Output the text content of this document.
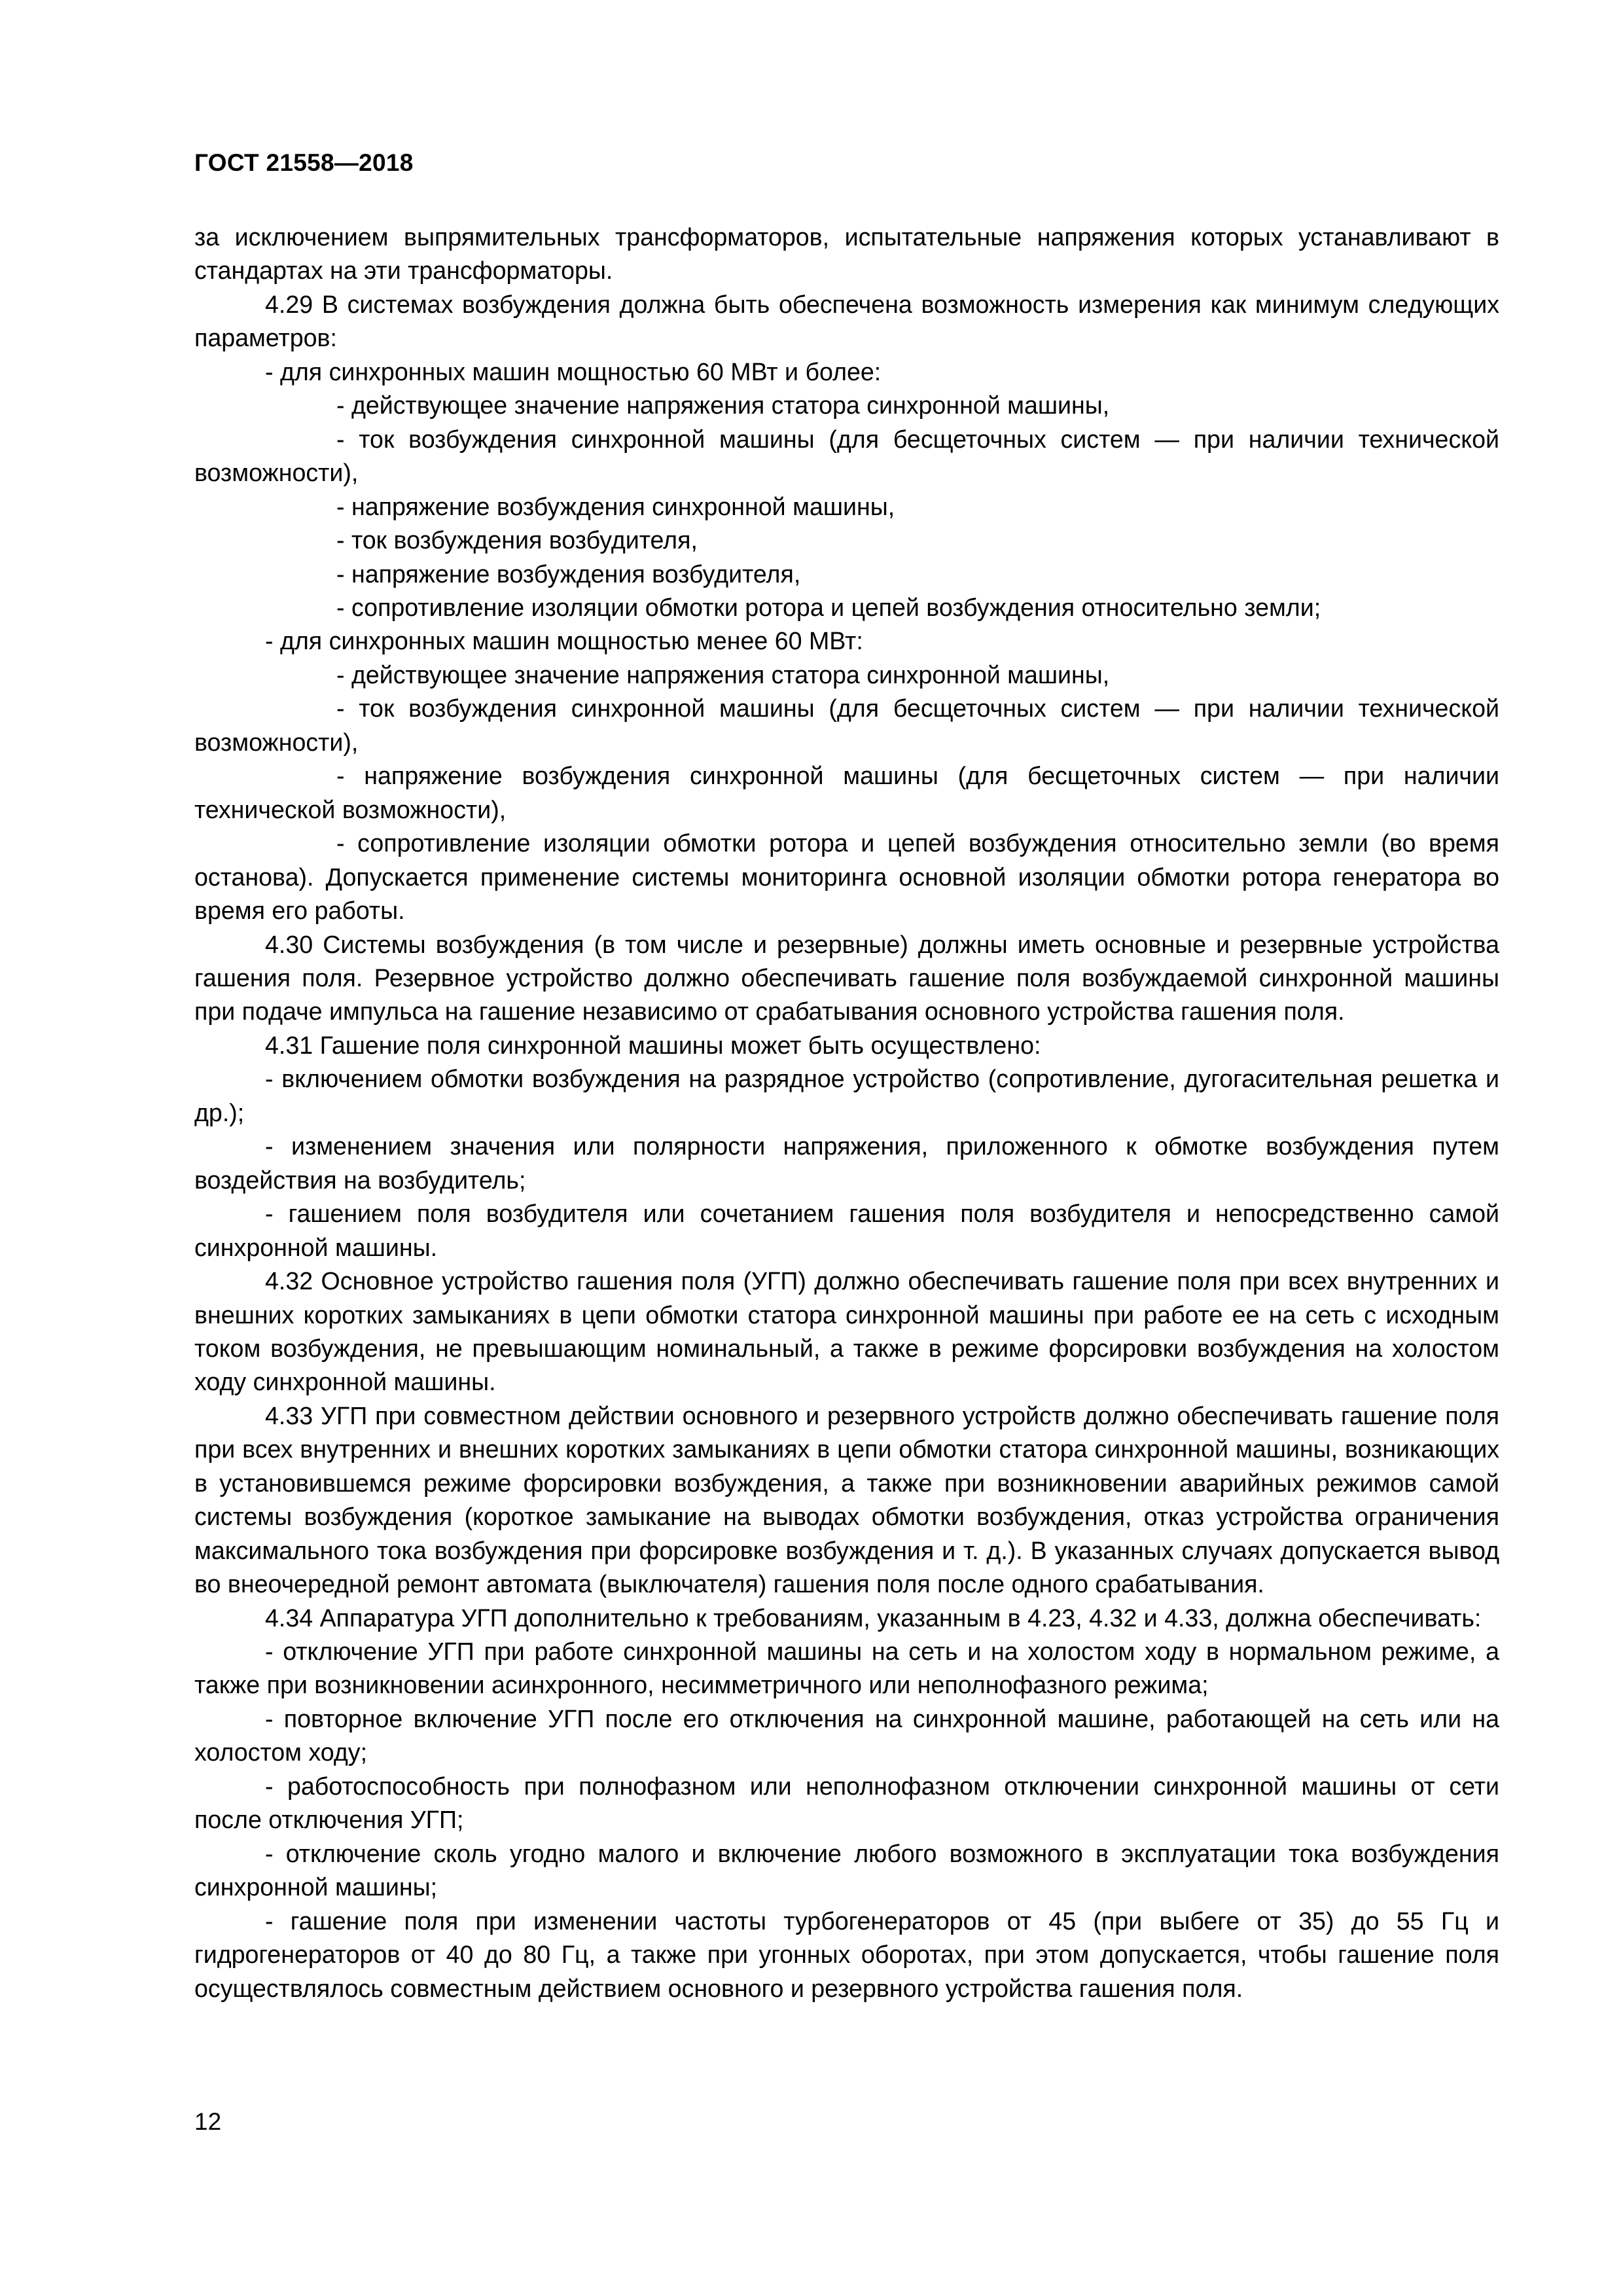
ГОСТ 21558—2018

за исключением выпрямительных трансформаторов, испытательные напряжения которых устанавливают в стандартах на эти трансформаторы.

4.29 В системах возбуждения должна быть обеспечена возможность измерения как минимум следующих параметров:

- для синхронных машин мощностью 60 МВт и более:

- действующее значение напряжения статора синхронной машины,

- ток возбуждения синхронной машины (для бесщеточных систем — при наличии технической возможности),

- напряжение возбуждения синхронной машины,

- ток возбуждения возбудителя,

- напряжение возбуждения возбудителя,

- сопротивление изоляции обмотки ротора и цепей возбуждения относительно земли;

- для синхронных машин мощностью менее 60 МВт:

- действующее значение напряжения статора синхронной машины,

- ток возбуждения синхронной машины (для бесщеточных систем — при наличии технической возможности),

- напряжение возбуждения синхронной машины (для бесщеточных систем — при наличии технической возможности),

- сопротивление изоляции обмотки ротора и цепей возбуждения относительно земли (во время останова). Допускается применение системы мониторинга основной изоляции обмотки ротора генератора во время его работы.

4.30 Системы возбуждения (в том числе и резервные) должны иметь основные и резервные устройства гашения поля. Резервное устройство должно обеспечивать гашение поля возбуждаемой синхронной машины при подаче импульса на гашение независимо от срабатывания основного устройства гашения поля.

4.31 Гашение поля синхронной машины может быть осуществлено:

- включением обмотки возбуждения на разрядное устройство (сопротивление, дугогасительная решетка и др.);

- изменением значения или полярности напряжения, приложенного к обмотке возбуждения путем воздействия на возбудитель;

- гашением поля возбудителя или сочетанием гашения поля возбудителя и непосредственно самой синхронной машины.

4.32 Основное устройство гашения поля (УГП) должно обеспечивать гашение поля при всех внутренних и внешних коротких замыканиях в цепи обмотки статора синхронной машины при работе ее на сеть с исходным током возбуждения, не превышающим номинальный, а также в режиме форсировки возбуждения на холостом ходу синхронной машины.

4.33 УГП при совместном действии основного и резервного устройств должно обеспечивать гашение поля при всех внутренних и внешних коротких замыканиях в цепи обмотки статора синхронной машины, возникающих в установившемся режиме форсировки возбуждения, а также при возникновении аварийных режимов самой системы возбуждения (короткое замыкание на выводах обмотки возбуждения, отказ устройства ограничения максимального тока возбуждения при форсировке возбуждения и т. д.). В указанных случаях допускается вывод во внеочередной ремонт автомата (выключателя) гашения поля после одного срабатывания.

4.34 Аппаратура УГП дополнительно к требованиям, указанным в 4.23, 4.32 и 4.33, должна обеспечивать:

- отключение УГП при работе синхронной машины на сеть и на холостом ходу в нормальном режиме, а также при возникновении асинхронного, несимметричного или неполнофазного режима;

- повторное включение УГП после его отключения на синхронной машине, работающей на сеть или на холостом ходу;

- работоспособность при полнофазном или неполнофазном отключении синхронной машины от сети после отключения УГП;

- отключение сколь угодно малого и включение любого возможного в эксплуатации тока возбуждения синхронной машины;

- гашение поля при изменении частоты турбогенераторов от 45 (при выбеге от 35) до 55 Гц и гидрогенераторов от 40 до 80 Гц, а также при угонных оборотах, при этом допускается, чтобы гашение поля осуществлялось совместным действием основного и резервного устройства гашения поля.

12
